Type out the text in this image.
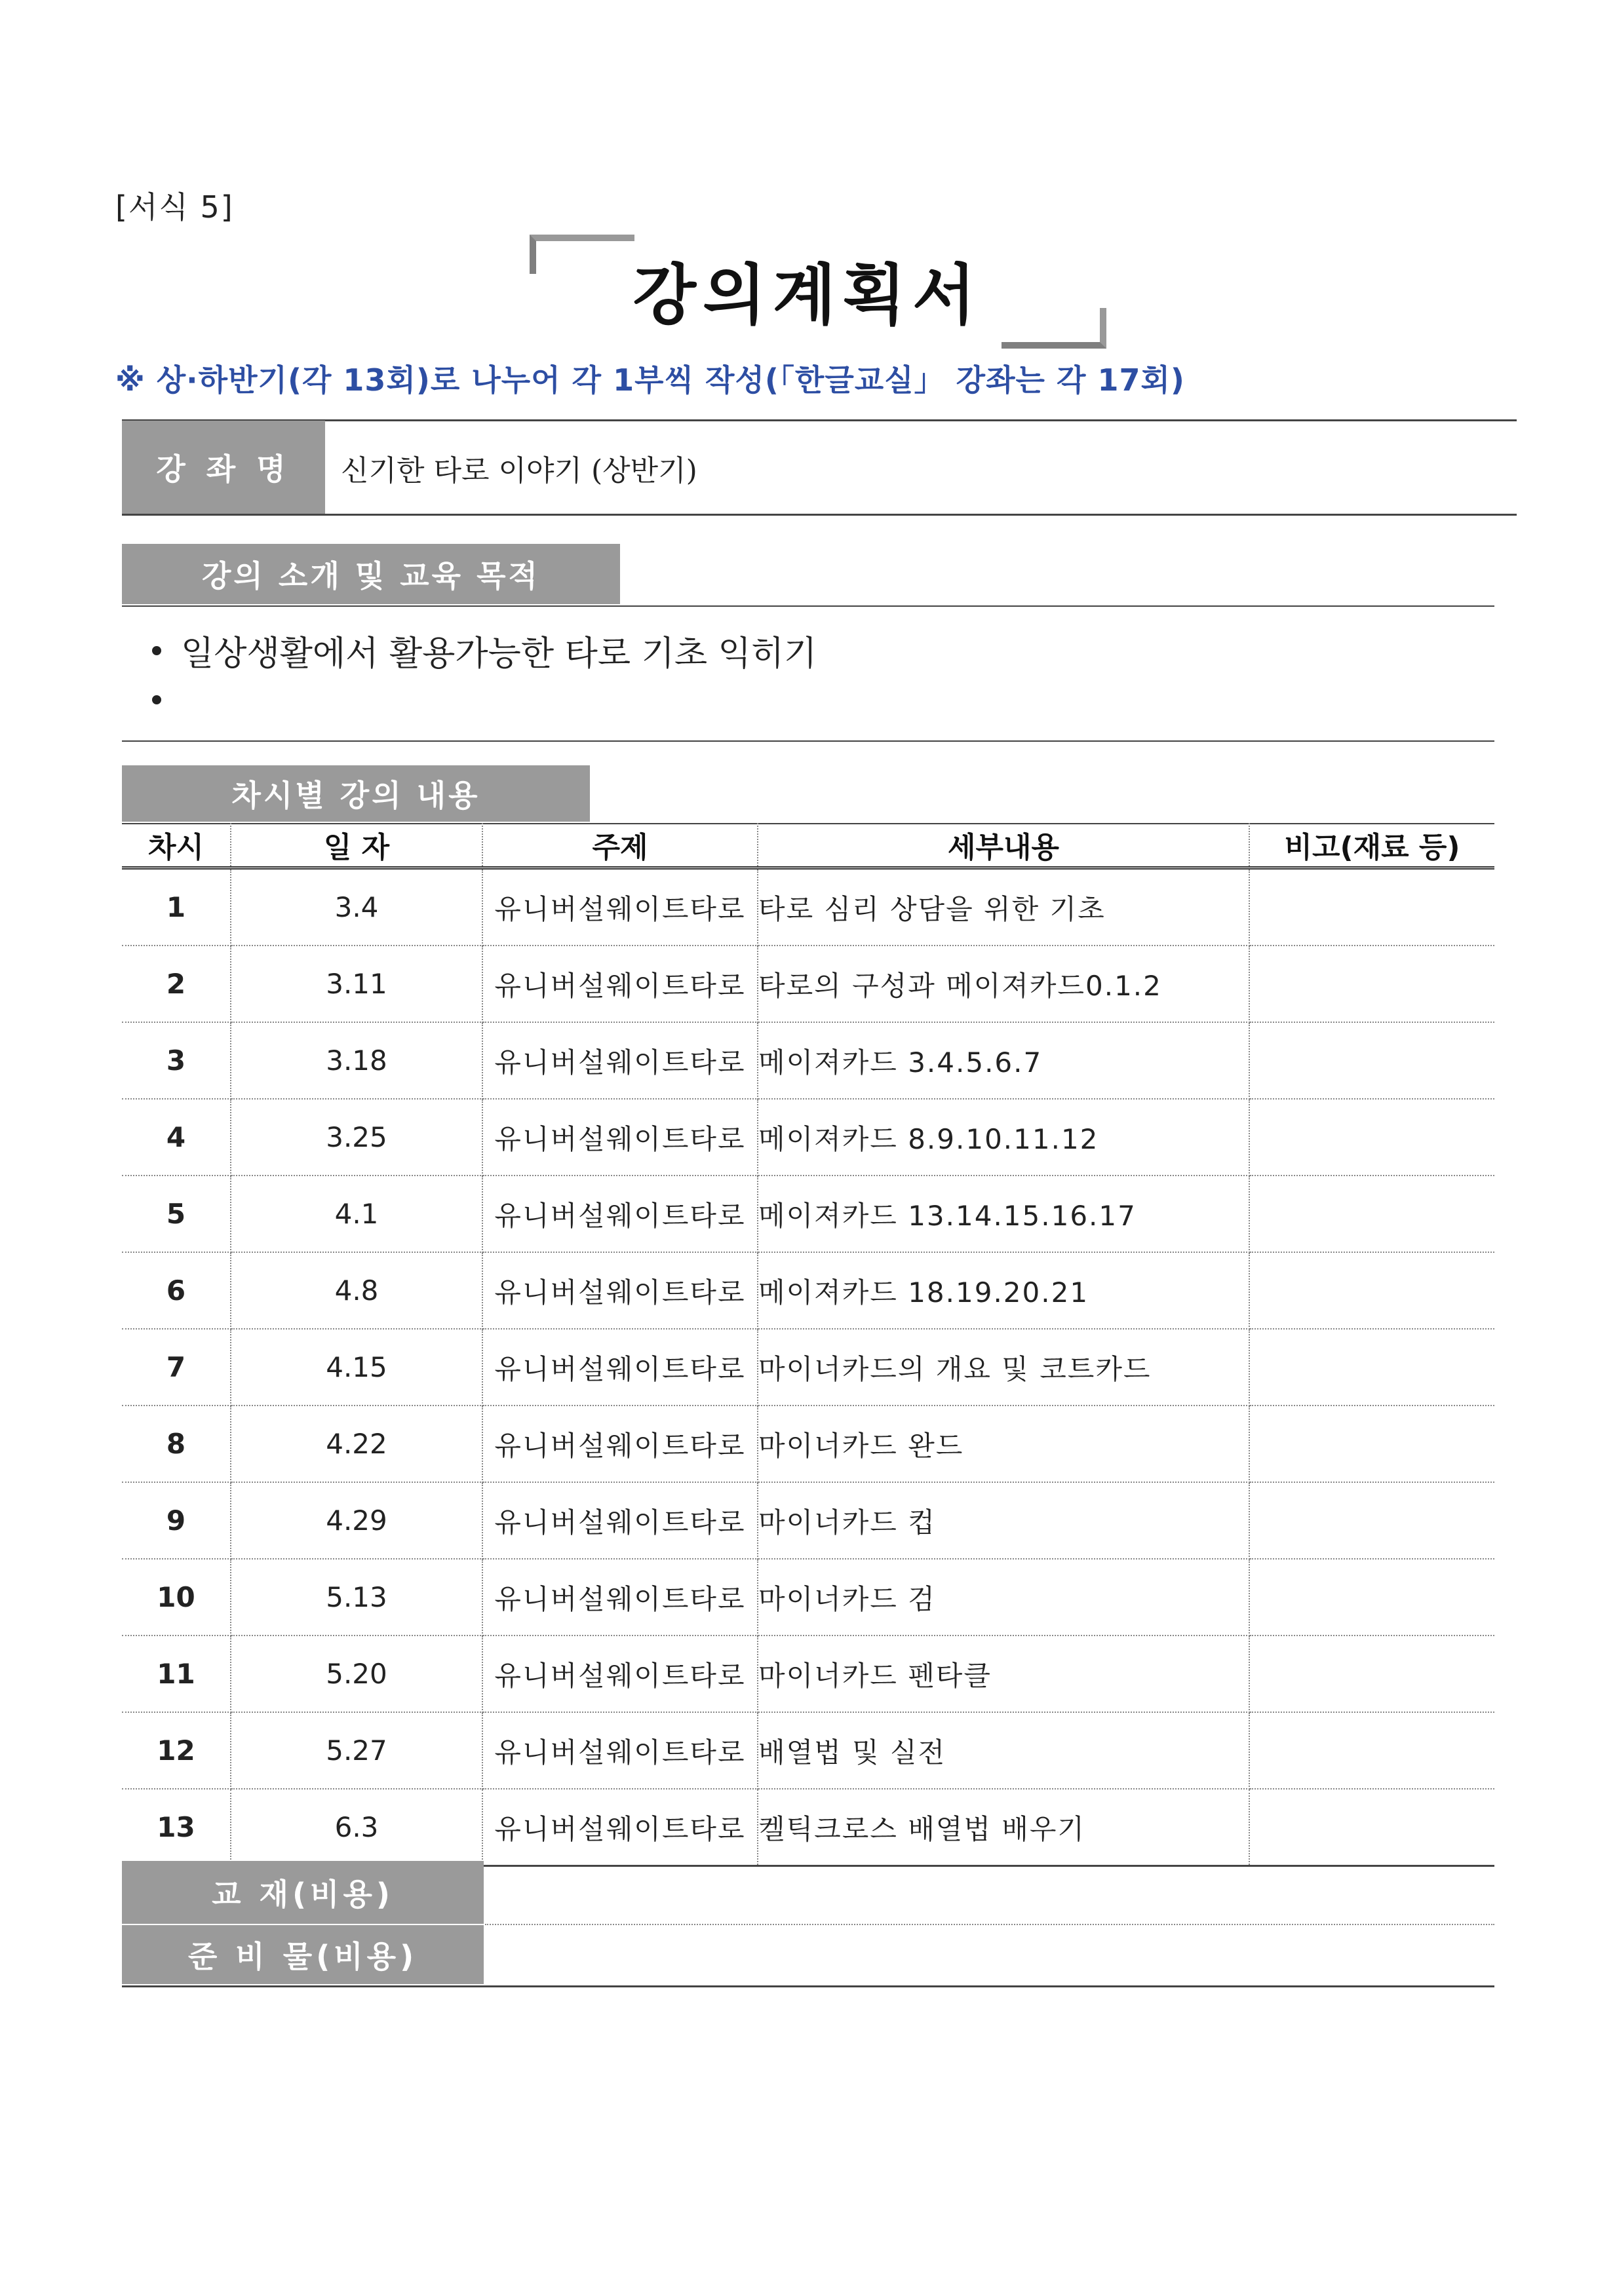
[서식 5]
강의계획서
※ 상·하반기(각 13회)로 나누어 각 1부씩 작성(「한글교실」 강좌는 각 17회)
강 좌 명	신기한 타로 이야기 (상반기)
강의 소개 및 교육 목적
일상생활에서 활용가능한 타로 기초 익히기
차시별 강의 내용
차시	일 자	주제	세부내용	비고(재료 등)
1	3.4	유니버설웨이트타로	타로 심리 상담을 위한 기초	
2	3.11	유니버설웨이트타로	타로의 구성과 메이져카드0.1.2	
3	3.18	유니버설웨이트타로	메이져카드 3.4.5.6.7	
4	3.25	유니버설웨이트타로	메이져카드 8.9.10.11.12	
5	4.1	유니버설웨이트타로	메이져카드 13.14.15.16.17	
6	4.8	유니버설웨이트타로	메이져카드 18.19.20.21	
7	4.15	유니버설웨이트타로	마이너카드의 개요 및 코트카드	
8	4.22	유니버설웨이트타로	마이너카드 완드	
9	4.29	유니버설웨이트타로	마이너카드 컵	
10	5.13	유니버설웨이트타로	마이너카드 검	
11	5.20	유니버설웨이트타로	마이너카드 펜타클	
12	5.27	유니버설웨이트타로	배열법 및 실전	
13	6.3	유니버설웨이트타로	켈틱크로스 배열법 배우기	
교 재(비용)
준 비 물(비용)
